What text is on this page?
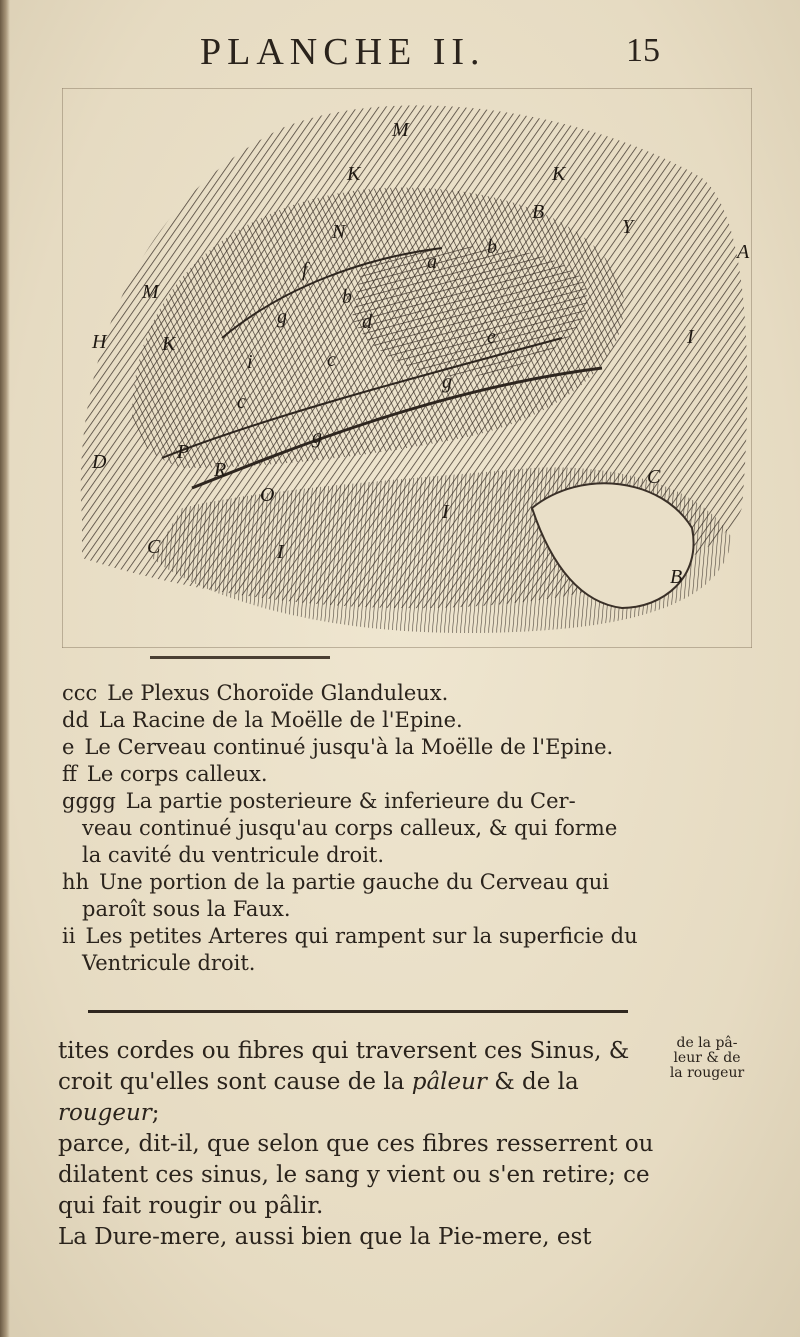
PLANCHE II.	15
M
K	K
B
Y
A
H	K	I
D	P
R
O
I
I
C
B
C
M
N
f
g
i
d
c
e
g
g
a
b
b
c
ccc Le Plexus Choroïde Glanduleux.
dd La Racine de la Moëlle de l'Epine.
e Le Cerveau continué jusqu'à la Moëlle de l'Epine.
ff Le corps calleux.
gggg La partie posterieure & inferieure du Cer-
veau continué jusqu'au corps calleux, & qui forme
la cavité du ventricule droit.
hh Une portion de la partie gauche du Cerveau qui
paroît sous la Faux.
ii Les petites Arteres qui rampent sur la superficie du
Ventricule droit.

tites cordes ou fibres qui traversent ces Sinus, &

croit qu'elles sont cause de la pâleur & de la rougeur;

parce, dit-il, que selon que ces fibres resserrent ou

dilatent ces sinus, le sang y vient ou s'en retire; ce

qui fait rougir ou pâlir.

La Dure-mere, aussi bien que la Pie-mere, est

de la pâ-
leur & de
la rougeur
